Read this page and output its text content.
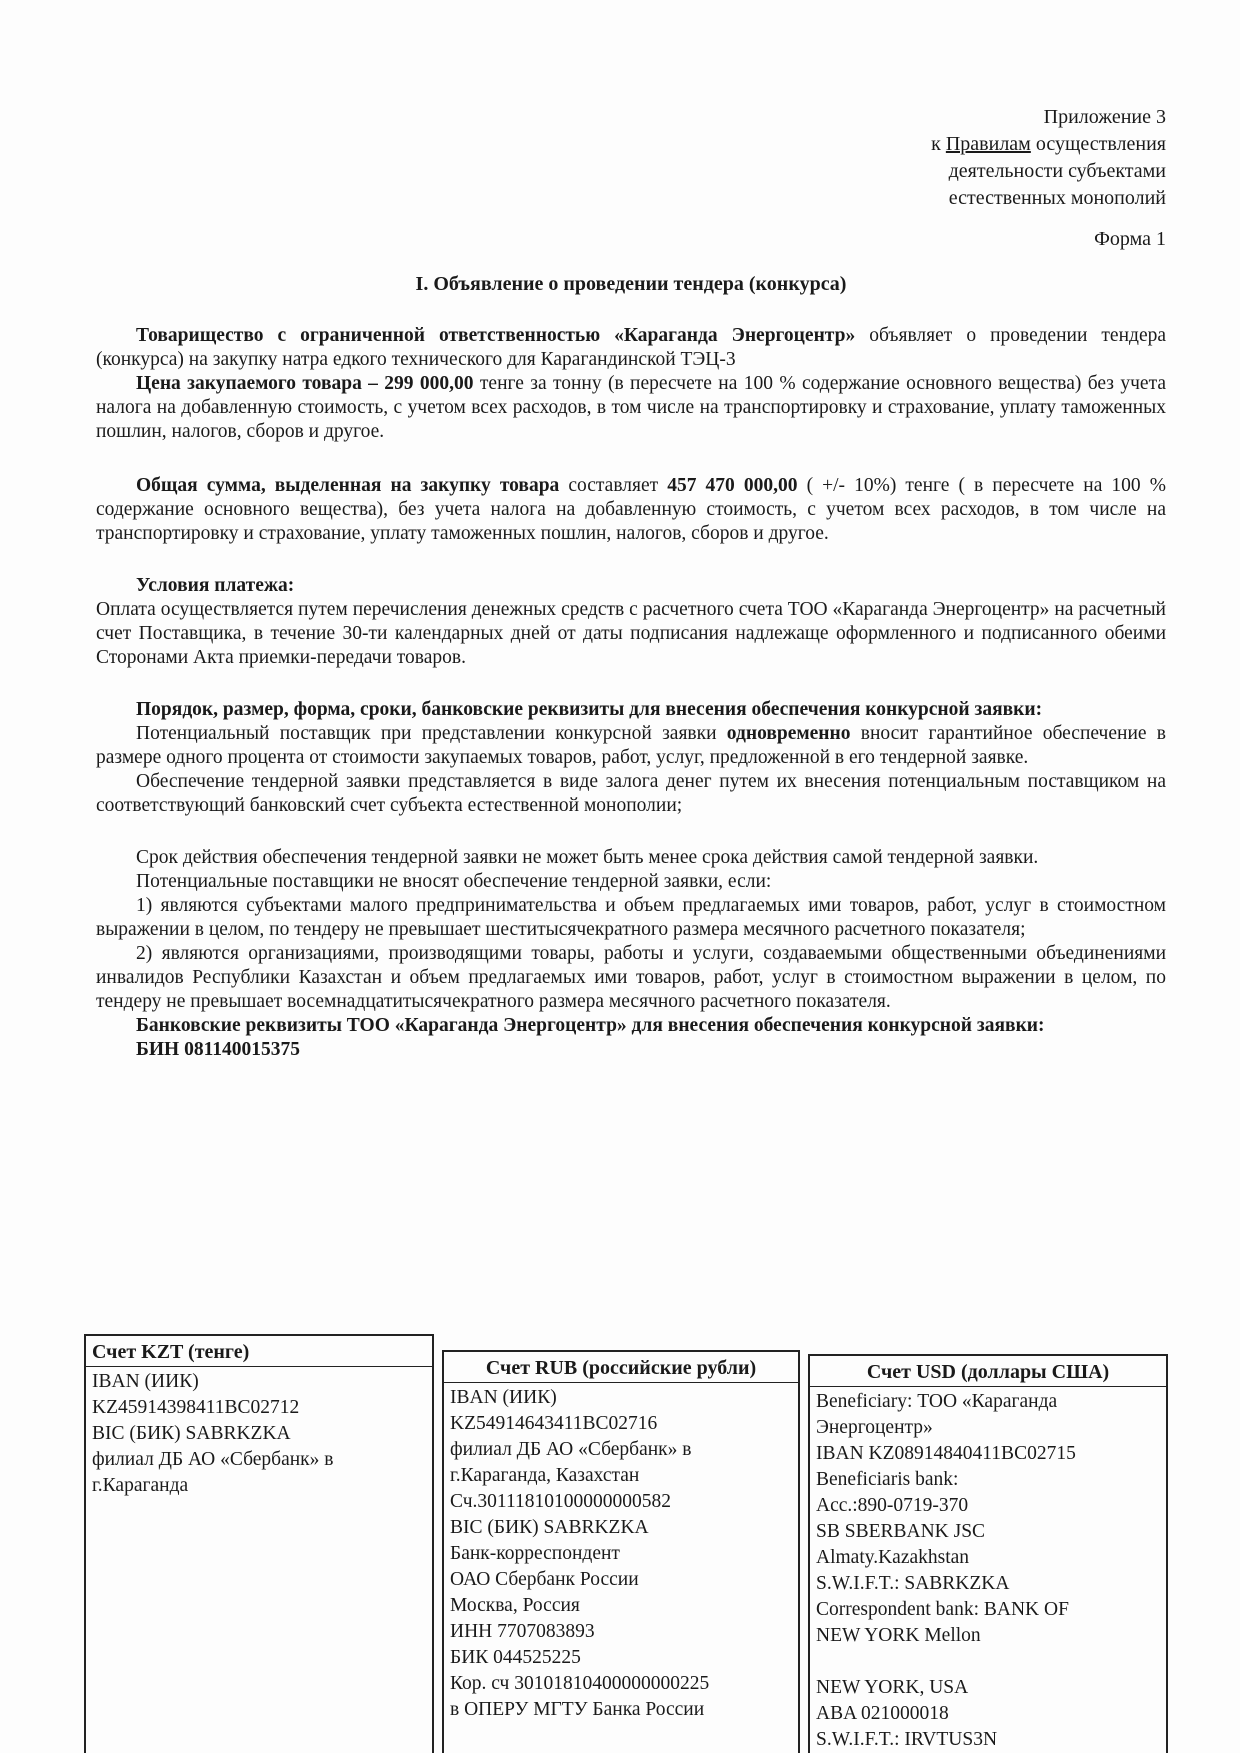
Приложение 3
к Правилам осуществления
деятельности субъектами
естественных монополий
Форма 1
I. Объявление о проведении тендера (конкурса)

Товарищество с ограниченной ответственностью «Караганда Энергоцентр» объявляет о проведении тендера (конкурса) на закупку натра едкого технического для Карагандинской ТЭЦ-3

Цена закупаемого товара – 299 000,00 тенге за тонну (в пересчете на 100 % содержание основного вещества) без учета налога на добавленную стоимость, с учетом всех расходов, в том числе на транспортировку и страхование, уплату таможенных пошлин, налогов, сборов и другое.

Общая сумма, выделенная на закупку товара составляет 457 470 000,00 ( +/- 10%) тенге ( в пересчете на 100 % содержание основного вещества), без учета налога на добавленную стоимость, с учетом всех расходов, в том числе на транспортировку и страхование, уплату таможенных пошлин, налогов, сборов и другое.

Условия платежа:

Оплата осуществляется путем перечисления денежных средств с расчетного счета ТОО «Караганда Энергоцентр» на расчетный счет Поставщика, в течение 30-ти календарных дней от даты подписания надлежаще оформленного и подписанного обеими Сторонами Акта приемки-передачи товаров.

Порядок, размер, форма, сроки, банковские реквизиты для внесения обеспечения конкурсной заявки:

Потенциальный поставщик при представлении конкурсной заявки одновременно вносит гарантийное обеспечение в размере одного процента от стоимости закупаемых товаров, работ, услуг, предложенной в его тендерной заявке.

Обеспечение тендерной заявки представляется в виде залога денег путем их внесения потенциальным поставщиком на соответствующий банковский счет субъекта естественной монополии;

Срок действия обеспечения тендерной заявки не может быть менее срока действия самой тендерной заявки.

Потенциальные поставщики не вносят обеспечение тендерной заявки, если:

1) являются субъектами малого предпринимательства и объем предлагаемых ими товаров, работ, услуг в стоимостном выражении в целом, по тендеру не превышает шеститысячекратного размера месячного расчетного показателя;

2) являются организациями, производящими товары, работы и услуги, создаваемыми общественными объединениями инвалидов Республики Казахстан и объем предлагаемых ими товаров, работ, услуг в стоимостном выражении в целом, по тендеру не превышает восемнадцатитысячекратного размера месячного расчетного показателя.

Банковские реквизиты ТОО «Караганда Энергоцентр» для внесения обеспечения конкурсной заявки:

БИН 081140015375

Счет KZT (тенге)
IBAN (ИИК)
KZ45914398411BC02712
BIC (БИК) SABRKZKA
филиал ДБ АО «Сбербанк» в
г.Караганда
Счет RUB (российские рубли)
IBAN (ИИК)
KZ54914643411BC02716
филиал ДБ АО «Сбербанк» в
г.Караганда, Казахстан
Сч.30111810100000000582
BIC (БИК) SABRKZKA
Банк-корреспондент
ОАО Сбербанк России
Москва, Россия
ИНН 7707083893
БИК 044525225
Кор. сч 30101810400000000225
в ОПЕРУ МГТУ Банка России
Счет USD (доллары США)
Beneficiary: ТОО «Караганда
Энергоцентр»
IBAN KZ08914840411BC02715
Beneficiaris bank:
Acc.:890-0719-370
SB SBERBANK JSC
Almaty.Kazakhstan
S.W.I.F.T.: SABRKZKA
Correspondent bank: BANK OF
NEW YORK Mellon
NEW YORK, USA
ABA 021000018
S.W.I.F.T.: IRVTUS3N
